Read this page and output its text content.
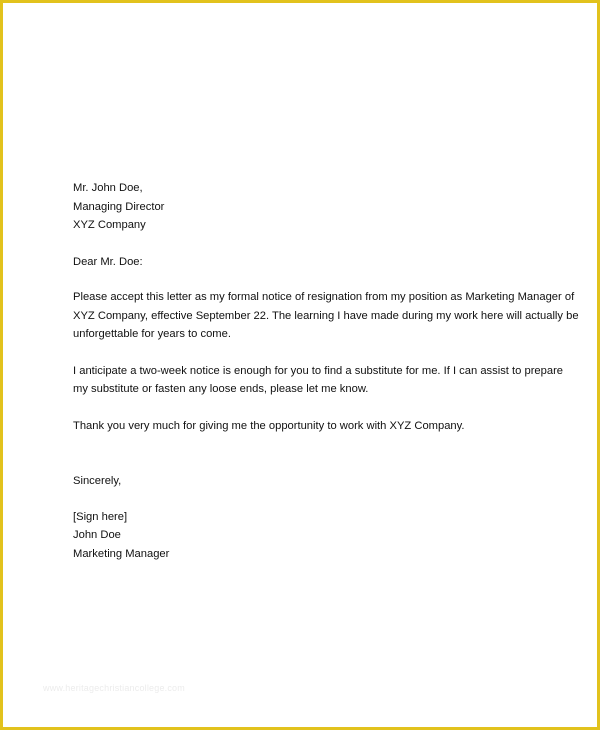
Mr. John Doe,
Managing Director
XYZ Company
Dear Mr. Doe:
Please accept this letter as my formal notice of resignation from my position as Marketing Manager of
XYZ Company, effective September 22. The learning I have made during my work here will actually be
unforgettable for years to come.
I anticipate a two-week notice is enough for you to find a substitute for me. If I can assist to prepare
my substitute or fasten any loose ends, please let me know.
Thank you very much for giving me the opportunity to work with XYZ Company.
Sincerely,
[Sign here]
John Doe
Marketing Manager
www.heritagechristiancollege.com
